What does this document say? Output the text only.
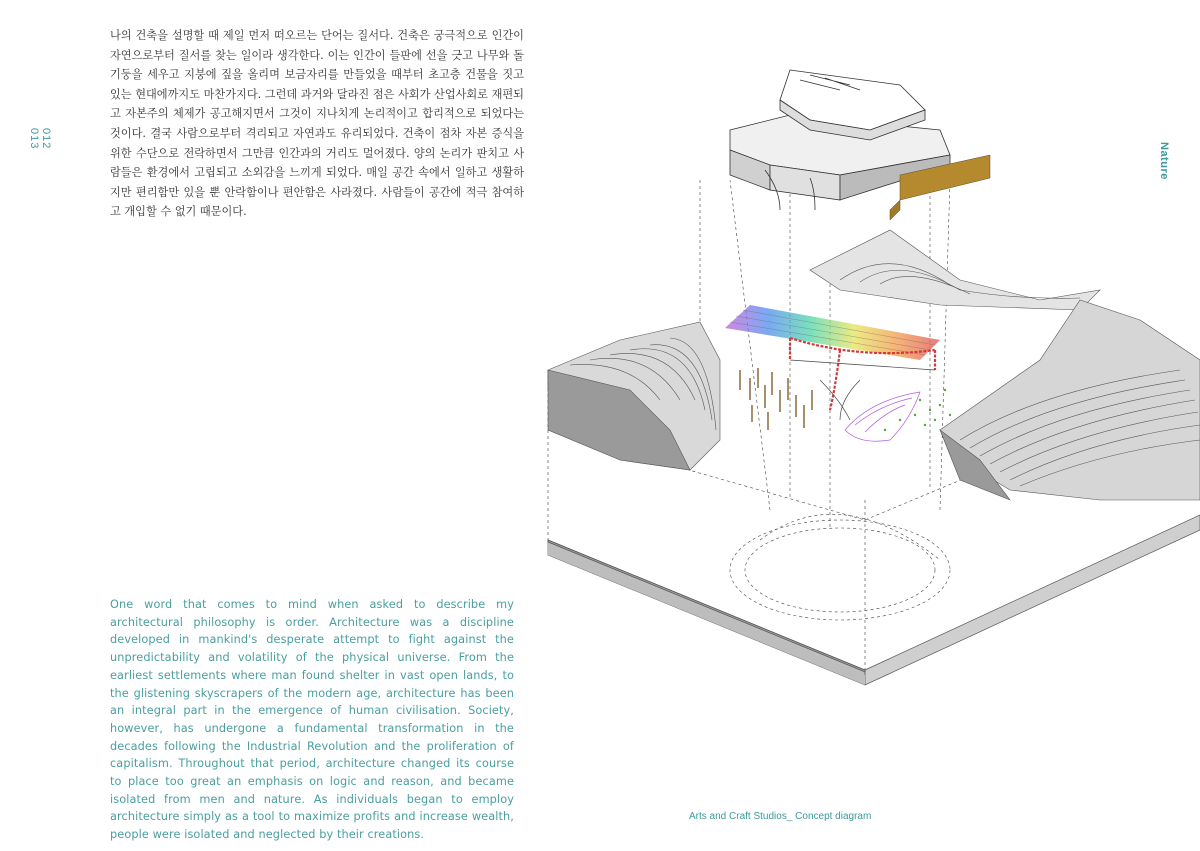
012
013
Nature

나의 건축을 설명할 때 제일 먼저 떠오르는 단어는 질서다. 건축은 궁극적으로 인간이 자연으로부터 질서를 찾는 일이라 생각한다. 이는 인간이 들판에 선을 긋고 나무와 돌기둥을 세우고 지붕에 짚을 올리며 보금자리를 만들었을 때부터 초고층 건물을 짓고 있는 현대에까지도 마찬가지다. 그런데 과거와 달라진 점은 사회가 산업사회로 재편되고 자본주의 체제가 공고해지면서 그것이 지나치게 논리적이고 합리적으로 되었다는 것이다. 결국 사람으로부터 격리되고 자연과도 유리되었다. 건축이 점차 자본 증식을 위한 수단으로 전락하면서 그만큼 인간과의 거리도 멀어졌다. 양의 논리가 판치고 사람들은 환경에서 고립되고 소외감을 느끼게 되었다. 매일 공간 속에서 일하고 생활하지만 편리함만 있을 뿐 안락함이나 편안함은 사라졌다. 사람들이 공간에 적극 참여하고 개입할 수 없기 때문이다.

One word that comes to mind when asked to describe my architectural philosophy is order. Architecture was a discipline developed in mankind's desperate attempt to fight against the unpredictability and volatility of the physical universe. From the earliest settlements where man found shelter in vast open lands, to the glistening skyscrapers of the modern age, architecture has been an integral part in the emergence of human civilisation. Society, however, has undergone a fundamental transformation in the decades following the Industrial Revolution and the proliferation of capitalism. Throughout that period, architecture changed its course to place too great an emphasis on logic and reason, and became isolated from men and nature. As individuals began to employ architecture simply as a tool to maximize profits and increase wealth, people were isolated and neglected by their creations.

Arts and Craft Studios_ Concept diagram
